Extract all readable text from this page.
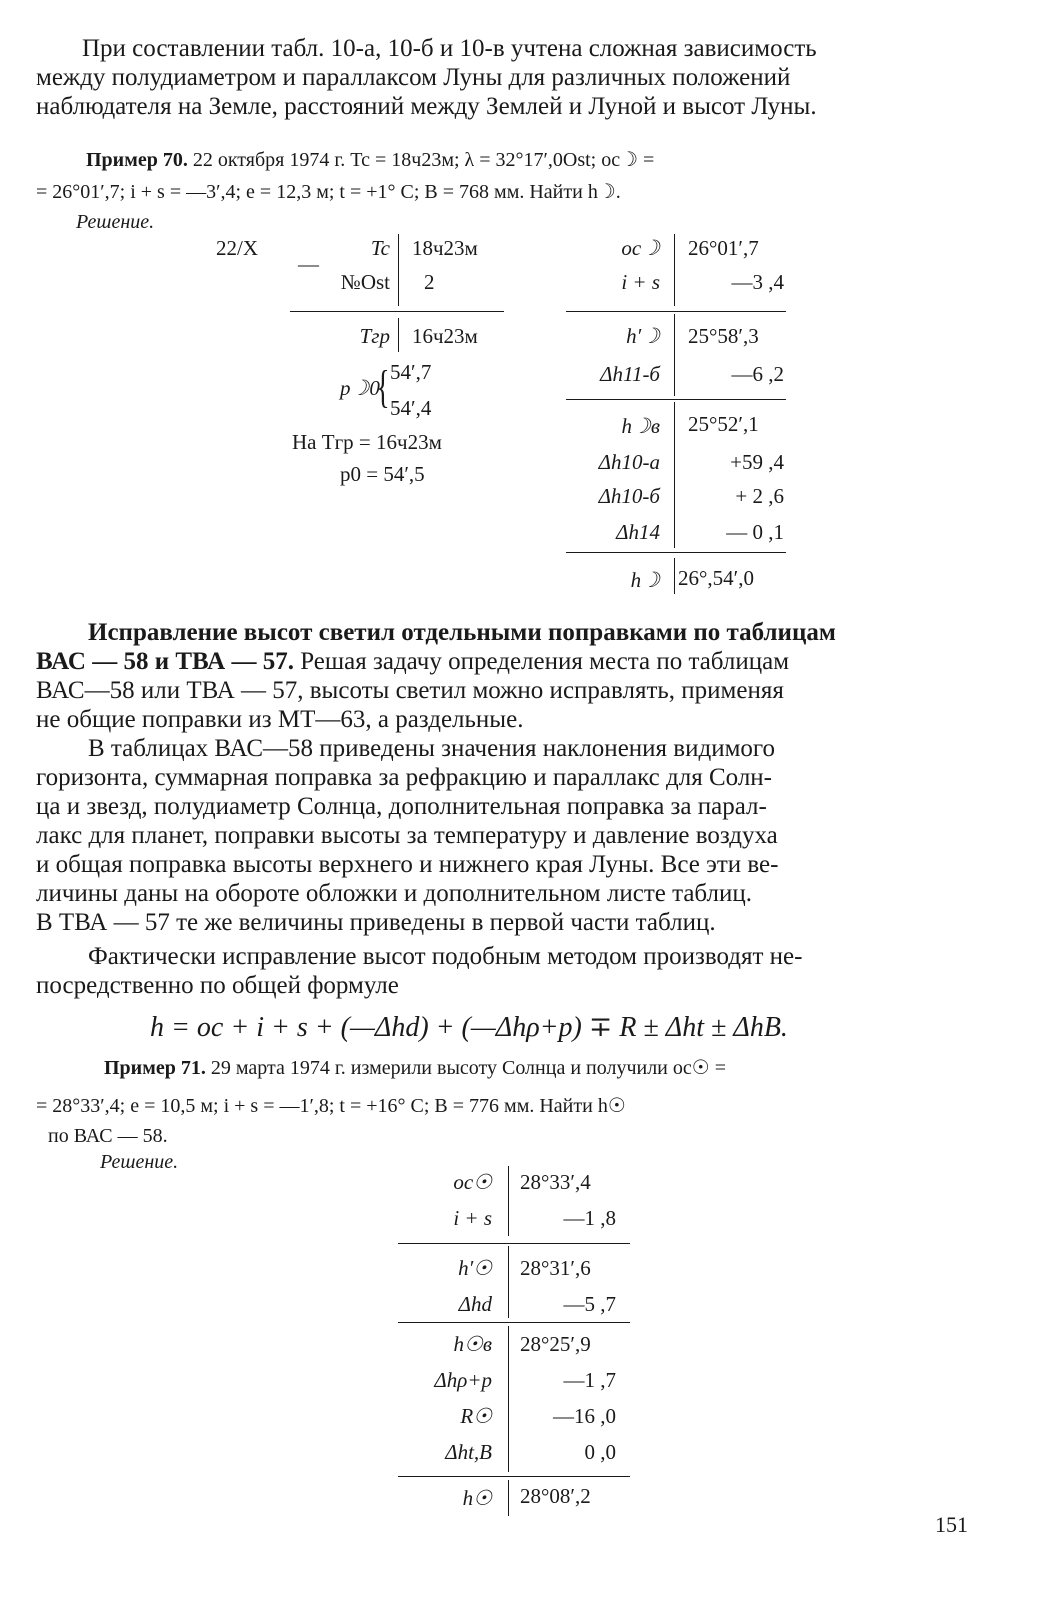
При составлении табл. 10-а, 10-б и 10-в учтена сложная зависимость
между полудиаметром и параллаксом Луны для различных положений
наблюдателя на Земле, расстояний между Землей и Луной и высот Луны.
Пример 70. 22 октября 1974 г. Tc = 18ч23м; λ = 32°17′,0Ost; oc☽ =
= 26°01′,7; i + s = —3′,4; e = 12,3 м; t = +1° C; B = 768 мм. Найти h☽.
Решение.
22/X
—
Tc 18ч23м
№Ost 2
Tгр 16ч23м
p☽0
{ 54′,7
54′,4
На Tгр = 16ч23м
p0 = 54′,5
oc☽ 26°01′,7
i + s	—3 ,4
h′☽ 25°58′,3
Δh11-б	—6 ,2
h☽в 25°52′,1
Δh10-а	+59 ,4
Δh10-б	+ 2 ,6
Δh14	— 0 ,1
h☽ 26°,54′,0
Исправление высот светил отдельными поправками по таблицам
ВАС — 58 и ТВА — 57. Решая задачу определения места по таблицам
ВАС—58 или ТВА — 57, высоты светил можно исправлять, применяя
не общие поправки из МТ—63, а раздельные.
В таблицах ВАС—58 приведены значения наклонения видимого
горизонта, суммарная поправка за рефракцию и параллакс для Солн-
ца и звезд, полудиаметр Солнца, дополнительная поправка за парал-
лакс для планет, поправки высоты за температуру и давление воздуха
и общая поправка высоты верхнего и нижнего края Луны. Все эти ве-
личины даны на обороте обложки и дополнительном листе таблиц.
В ТВА — 57 те же величины приведены в первой части таблиц.
Фактически исправление высот подобным методом производят не-
посредственно по общей формуле
h = oc + i + s + (—Δhd) + (—Δhρ+p) ∓ R ± Δht ± ΔhB.
Пример 71. 29 марта 1974 г. измерили высоту Солнца и получили oc☉ =
= 28°33′,4; e = 10,5 м; i + s = —1′,8; t = +16° C; B = 776 мм. Найти h☉
по ВАС — 58.
Решение.
oc☉ 28°33′,4
i + s	—1 ,8
h′☉ 28°31′,6
Δhd	—5 ,7
h☉в 28°25′,9
Δhρ+p	—1 ,7
R☉	—16 ,0
Δht,B	0 ,0
h☉ 28°08′,2
151
